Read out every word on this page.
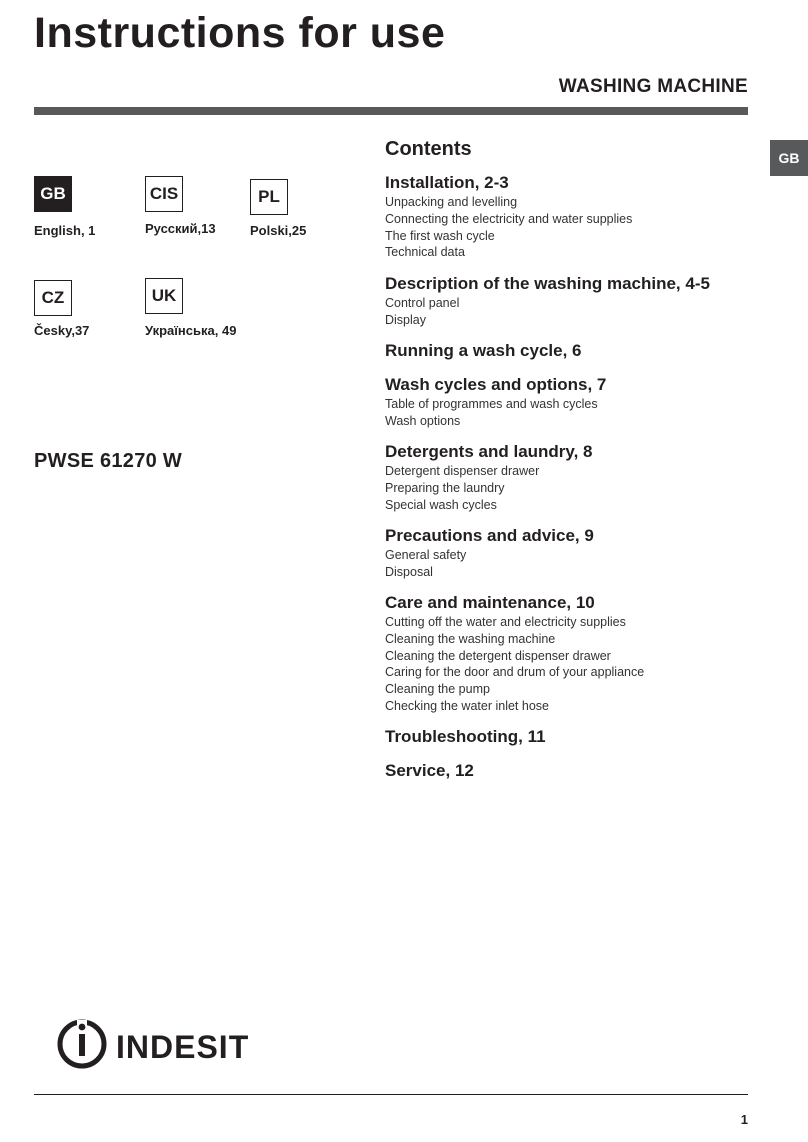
Instructions for use
WASHING MACHINE
GB
GB
English, 1
CIS
Русский,13
PL
Polski,25
CZ
Česky,37
UK
Українська, 49
PWSE 61270 W
Contents
Installation, 2-3
Unpacking and levelling
Connecting the electricity and water supplies
The first wash cycle
Technical data
Description of the washing machine, 4-5
Control panel
Display
Running a wash cycle, 6
Wash cycles and options, 7
Table of programmes and wash cycles
Wash options
Detergents and laundry, 8
Detergent dispenser drawer
Preparing the laundry
Special wash cycles
Precautions and advice, 9
General safety
Disposal
Care and maintenance, 10
Cutting off the water and electricity supplies
Cleaning the washing machine
Cleaning the detergent dispenser drawer
Caring for the door and drum of your appliance
Cleaning the pump
Checking the water inlet hose
Troubleshooting, 11
Service, 12
INDESIT
1
